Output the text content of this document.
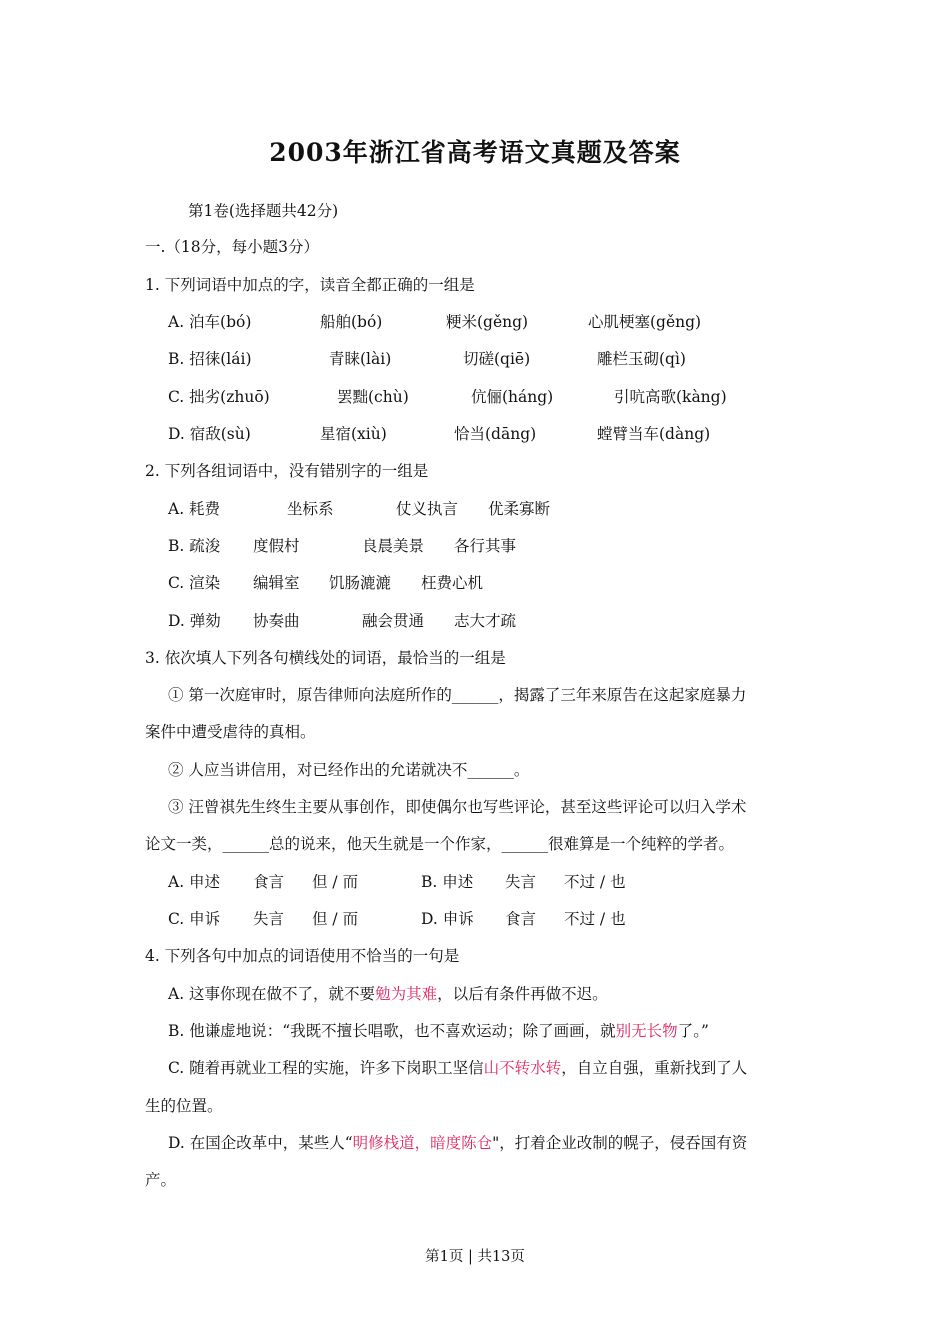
2003年浙江省高考语文真题及答案
第1卷(选择题共42分)
一.（18分，每小题3分）
1. 下列词语中加点的字，读音全都正确的一组是
A. 泊车(bó)	船舶(bó)	粳米(gěng)	心肌梗塞(gěng)
B. 招徕(lái)	青睐(lài)	切磋(qiē)	雕栏玉砌(qì)
C. 拙劣(zhuō)	罢黜(chù)	伉俪(háng)	引吭高歌(kàng)
D. 宿敌(sù)	星宿(xiù)	恰当(dāng)	螳臂当车(dàng)
2. 下列各组词语中，没有错别字的一组是
A. 耗费	坐标系	仗义执言 优柔寡断
B. 疏浚 度假村	良晨美景 各行其事
C. 渲染 编辑室 饥肠漉漉 枉费心机
D. 弹劾 协奏曲	融会贯通 志大才疏
3. 依次填人下列各句横线处的词语，最恰当的一组是
① 第一次庭审时，原告律师向法庭所作的______，揭露了三年来原告在这起家庭暴力
案件中遭受虐待的真相。
② 人应当讲信用，对已经作出的允诺就决不______。
③ 汪曾祺先生终生主要从事创作，即使偶尔也写些评论，甚至这些评论可以归入学术
论文一类，______总的说来，他天生就是一个作家，______很难算是一个纯粹的学者。
A. 申述 食言 但 / 而	B. 申述 失言 不过 / 也
C. 申诉 失言 但 / 而	D. 申诉 食言 不过 / 也
4. 下列各句中加点的词语使用不恰当的一句是
A. 这事你现在做不了，就不要勉为其难，以后有条件再做不迟。
B. 他谦虚地说：“我既不擅长唱歌，也不喜欢运动；除了画画，就别无长物了。”
C. 随着再就业工程的实施，许多下岗职工坚信山不转水转，自立自强，重新找到了人
生的位置。
D. 在国企改革中，某些人“明修栈道，暗度陈仓"，打着企业改制的幌子，侵吞国有资
产。
第1页 | 共13页
